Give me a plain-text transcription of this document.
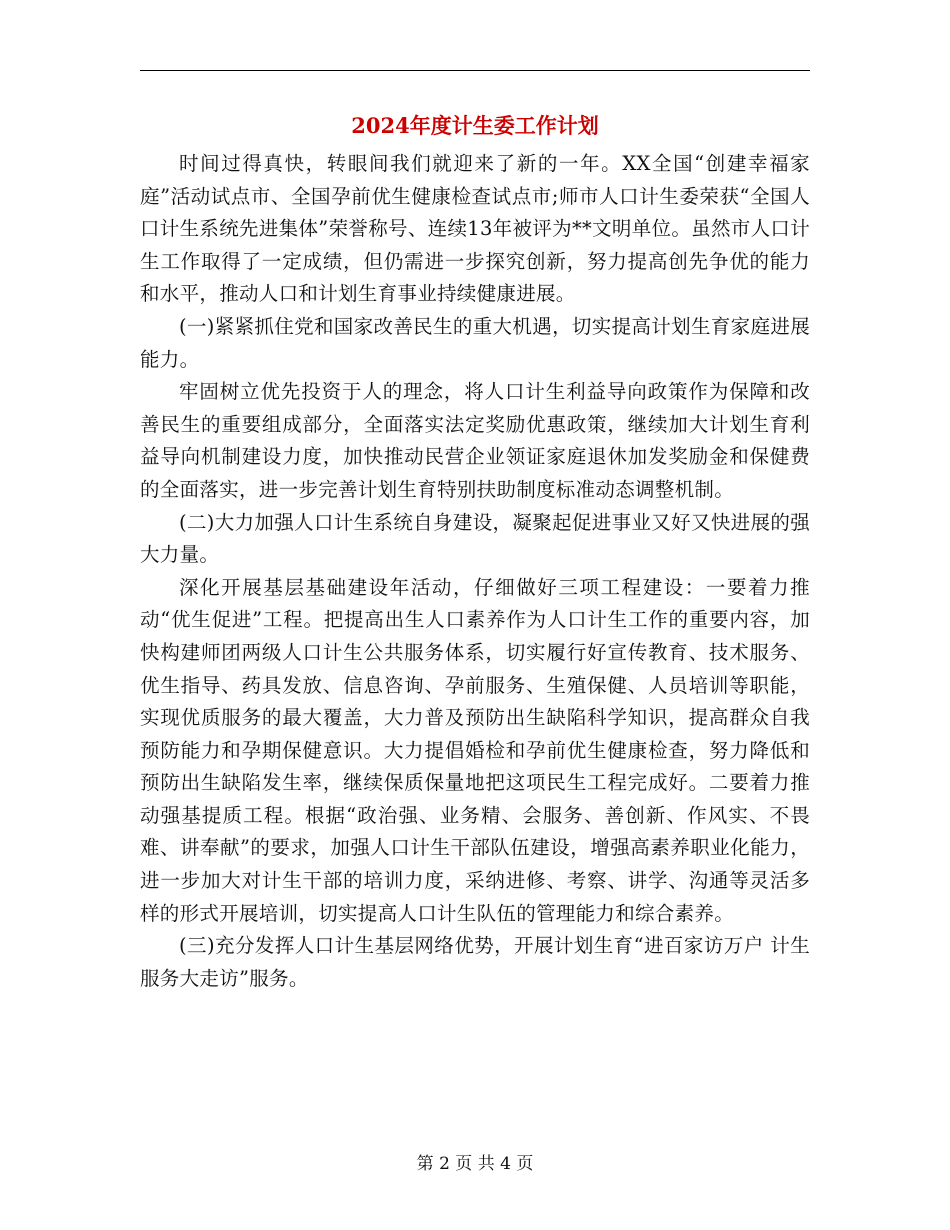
2024年度计生委工作计划

时间过得真快，转眼间我们就迎来了新的一年。XX全国“创建幸福家庭”活动试点市、全国孕前优生健康检查试点市;师市人口计生委荣获“全国人口计生系统先进集体”荣誉称号、连续13年被评为**文明单位。虽然市人口计生工作取得了一定成绩，但仍需进一步探究创新，努力提高创先争优的能力和水平，推动人口和计划生育事业持续健康进展。

(一)紧紧抓住党和国家改善民生的重大机遇，切实提高计划生育家庭进展能力。

牢固树立优先投资于人的理念，将人口计生利益导向政策作为保障和改善民生的重要组成部分，全面落实法定奖励优惠政策，继续加大计划生育利益导向机制建设力度，加快推动民营企业领证家庭退休加发奖励金和保健费的全面落实，进一步完善计划生育特别扶助制度标准动态调整机制。

(二)大力加强人口计生系统自身建设，凝聚起促进事业又好又快进展的强大力量。

深化开展基层基础建设年活动，仔细做好三项工程建设：一要着力推动“优生促进”工程。把提高出生人口素养作为人口计生工作的重要内容，加快构建师团两级人口计生公共服务体系，切实履行好宣传教育、技术服务、优生指导、药具发放、信息咨询、孕前服务、生殖保健、人员培训等职能，实现优质服务的最大覆盖，大力普及预防出生缺陷科学知识，提高群众自我预防能力和孕期保健意识。大力提倡婚检和孕前优生健康检查，努力降低和预防出生缺陷发生率，继续保质保量地把这项民生工程完成好。二要着力推动强基提质工程。根据“政治强、业务精、会服务、善创新、作风实、不畏难、讲奉献”的要求，加强人口计生干部队伍建设，增强高素养职业化能力，进一步加大对计生干部的培训力度，采纳进修、考察、讲学、沟通等灵活多样的形式开展培训，切实提高人口计生队伍的管理能力和综合素养。

(三)充分发挥人口计生基层网络优势，开展计划生育“进百家访万户 计生服务大走访”服务。

第 2 页 共 4 页
